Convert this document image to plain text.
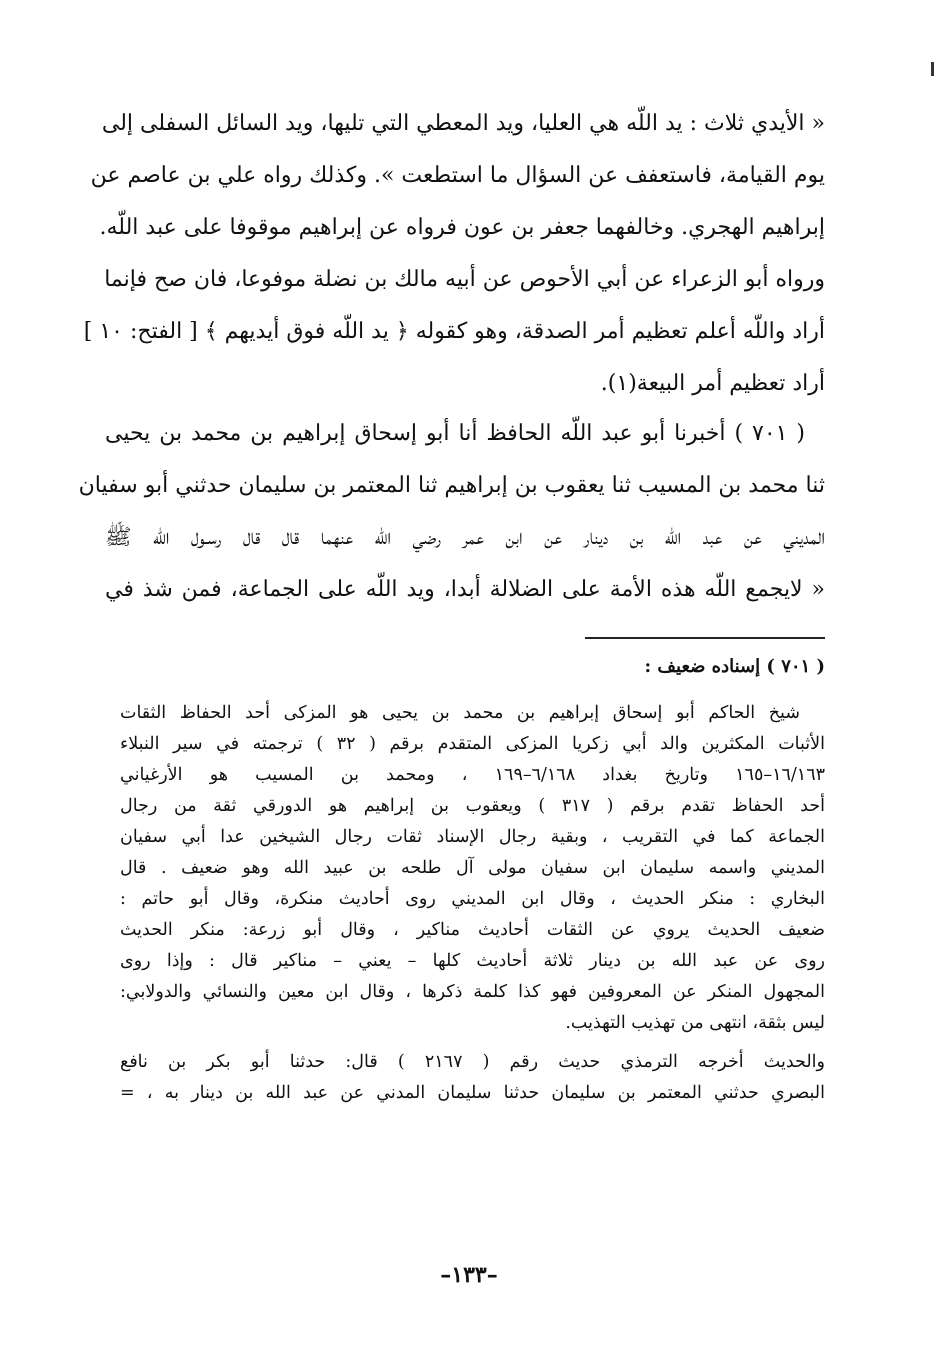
« الأيدي ثلاث : يد اللّه هي العليا، ويد المعطي التي تليها، ويد السائل السفلى إلى
يوم القيامة، فاستعفف عن السؤال ما استطعت ». وكذلك رواه علي بن عاصم عن
إبراهيم الهجري. وخالفهما جعفر بن عون فرواه عن إبراهيم موقوفا على عبد اللّه.
ورواه أبو الزعراء عن أبي الأحوص عن أبيه مالك بن نضلة موفوعا، فان صح فإنما
أراد واللّه أعلم تعظيم أمر الصدقة، وهو كقوله ﴿ يد اللّه فوق أيديهم ﴾ [ الفتح: ١٠ ]
أراد تعظيم أمر البيعة(١).
( ٧٠١ ) أخبرنا أبو عبد اللّه الحافظ أنا أبو إسحاق إبراهيم بن محمد بن يحيى
ثنا محمد بن المسيب ثنا يعقوب بن إبراهيم ثنا المعتمر بن سليمان حدثني أبو سفيان
المديني عن عبد اللّه بن دينار عن ابن عمر رضي اللّه عنهما قال قال رسـول اللّه ﷺ
« لايجمع اللّه هذه الأمة على الضلالة أبدا، ويد اللّه على الجماعة، فمن شذ في
( ٧٠١ ) إسناده ضعيف :
شيخ الحاكم أبو إسحاق إبراهيم بن محمد بن يحيى هو المزكى أحد الحفاظ الثقات
الأثبات المكثرين والد أبي زكريا المزكى المتقدم برقم ( ٣٢ ) ترجمته في سير النبلاء
١٦/١٦٣–١٦٥ وتاريخ بغداد ٦/١٦٨–١٦٩ ، ومحمد بن المسيب هو الأرغياني
أحد الحفاظ تقدم برقم ( ٣١٧ ) ويعقوب بن إبراهيم هو الدورقي ثقة من رجال
الجماعة كما في التقريب ، وبقية رجال الإسناد ثقات رجال الشيخين عدا أبي سفيان
المديني واسمه سليمان ابن سفيان مولى آل طلحه بن عبيد الله وهو ضعيف . قال
البخاري : منكر الحديث ، وقال ابن المديني روى أحاديث منكرة، وقال أبو حاتم :
ضعيف الحديث يروي عن الثقات أحاديث مناكير ، وقال أبو زرعة: منكر الحديث
روى عن عبد الله بن دينار ثلاثة أحاديث كلها – يعني – مناكير قال : وإذا روى
المجهول المنكر عن المعروفين فهو كذا كلمة ذكرها ، وقال ابن معين والنسائي والدولابي:
ليس بثقة، انتهى من تهذيب التهذيب.
والحديث أخرجه الترمذي حديث رقم ( ٢١٦٧ ) قال: حدثنا أبو بكر بن نافع
البصري حدثني المعتمر بن سليمان حدثنا سليمان المدني عن عبد الله بن دينار به ، =
–١٣٣–
